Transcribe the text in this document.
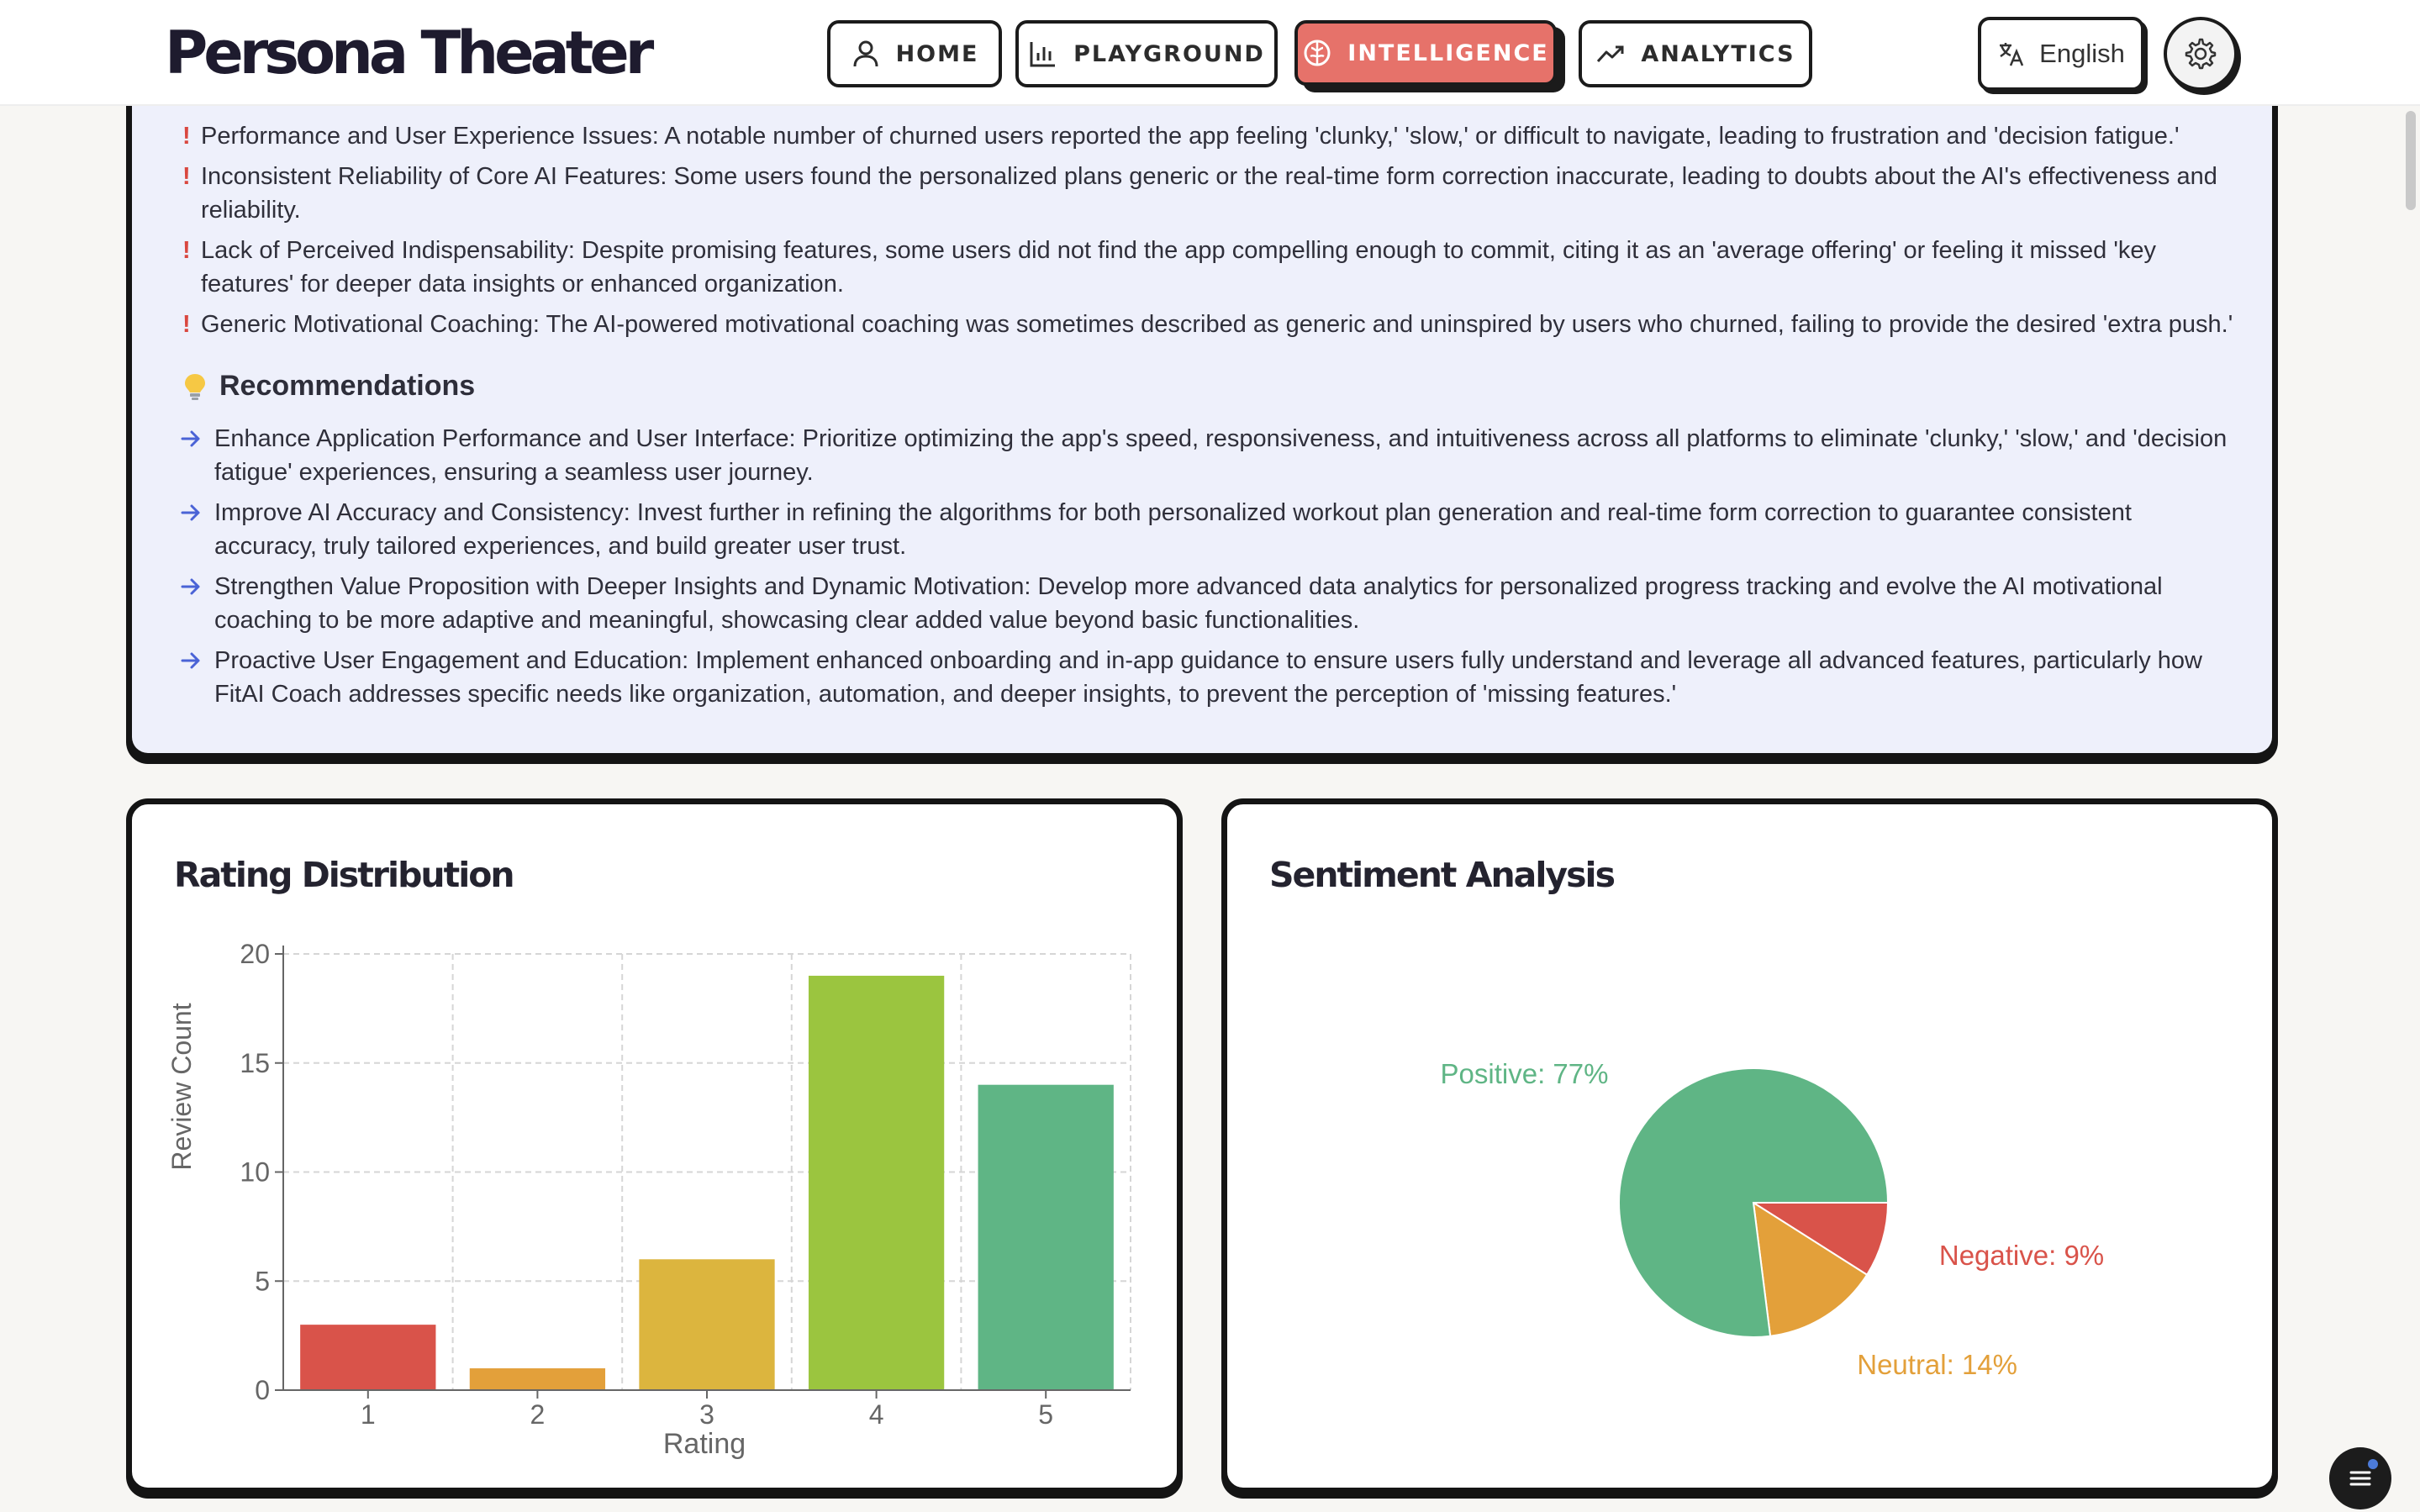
! Performance and User Experience Issues: A notable number of churned users reported the app feeling 'clunky,' 'slow,' or difficult to navigate, leading to frustration and 'decision fatigue.'
! Inconsistent Reliability of Core AI Features: Some users found the personalized plans generic or the real-time form correction inaccurate, leading to doubts about the AI's effectiveness and reliability.
! Lack of Perceived Indispensability: Despite promising features, some users did not find the app compelling enough to commit, citing it as an 'average offering' or feeling it missed 'key features' for deeper data insights or enhanced organization.
! Generic Motivational Coaching: The AI-powered motivational coaching was sometimes described as generic and uninspired by users who churned, failing to provide the desired 'extra push.'
Recommendations
Enhance Application Performance and User Interface: Prioritize optimizing the app's speed, responsiveness, and intuitiveness across all platforms to eliminate 'clunky,' 'slow,' and 'decision fatigue' experiences, ensuring a seamless user journey.
Improve AI Accuracy and Consistency: Invest further in refining the algorithms for both personalized workout plan generation and real-time form correction to guarantee consistent accuracy, truly tailored experiences, and build greater user trust.
Strengthen Value Proposition with Deeper Insights and Dynamic Motivation: Develop more advanced data analytics for personalized progress tracking and evolve the AI motivational coaching to be more adaptive and meaningful, showcasing clear added value beyond basic functionalities.
Proactive User Engagement and Education: Implement enhanced onboarding and in-app guidance to ensure users fully understand and leverage all advanced features, particularly how FitAI Coach addresses specific needs like organization, automation, and deeper insights, to prevent the perception of 'missing features.'
Persona Theater	HOME	PLAYGROUND	INTELLIGENCE	ANALYTICS	English
Rating Distribution
0
5
10
15
20
1	2	3	4	5
Review Count
Rating
Sentiment Analysis
Positive: 77%
Negative: 9%
Neutral: 14%
